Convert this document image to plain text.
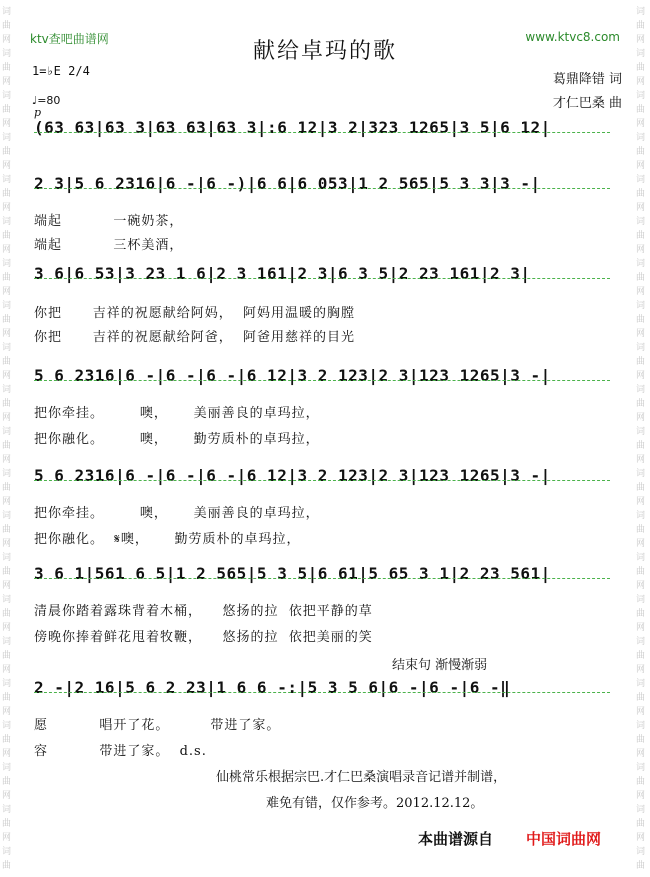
词
曲
网
词
曲
网
词
曲
网
词
曲
网
词
曲
网
词
曲
网
词
曲
网
词
曲
网
词
曲
网
词
曲
网
词
曲
网
词
曲
网
词
曲
网
词
曲
网
词
曲
网
词
曲
网
词
曲
网
词
曲
网
词
曲
网
词
曲
网
词
曲
词
曲
网
词
曲
网
词
曲
网
词
曲
网
词
曲
网
词
曲
网
词
曲
网
词
曲
网
词
曲
网
词
曲
网
词
曲
网
词
曲
网
词
曲
网
词
曲
网
词
曲
网
词
曲
网
词
曲
网
词
曲
网
词
曲
网
词
曲
网
词
曲
ktv查吧曲谱网	www.ktvc8.com
献给卓玛的歌
葛鼎降错 词
才仁巴桑 曲
1=♭E 2/4
♩=80
p
(63 63|63 3|63 63|63 3|:6 12|3 2|323 1265|3 5|6 12|
2 3|5 6 2316|6 -|6 -)|6 6|6 053|1 2 565|5 3 3|3 -|
端起          一碗奶茶，
端起          三杯美酒，
3 6|6 53|3 23 1 6|2 3 161|2 3|6 3 5|2 23 161|2 3|
你把      吉祥的祝愿献给阿妈，  阿妈用温暖的胸膛
你把      吉祥的祝愿献给阿爸，  阿爸用慈祥的目光
5 6 2316|6 -|6 -|6 -|6 12|3 2 123|2 3|123 1265|3 -|
把你牵挂。       噢，     美丽善良的卓玛拉，
把你融化。       噢，     勤劳质朴的卓玛拉，
5 6 2316|6 -|6 -|6 -|6 12|3 2 123|2 3|123 1265|3 -|
把你牵挂。       噢，     美丽善良的卓玛拉，
把你融化。  𝄋噢，     勤劳质朴的卓玛拉，
3 6 1|561 6 5|1 2 565|5 3 5|6 61|5 65 3 1|2 23 561|
清晨你踏着露珠背着木桶，    悠扬的拉  依把平静的草
傍晚你捧着鲜花甩着牧鞭，    悠扬的拉  依把美丽的笑
结束句 渐慢渐弱
2 -|2 16|5 6 2 23|1 6 6 -:|5 3 5 6|6 -|6 -|6 -‖
愿          唱开了花。        带进了家。
容          带进了家。  d.s.
仙桃常乐根据宗巴.才仁巴桑演唱录音记谱并制谱，
难免有错，仅作参考。2012.12.12。
本曲谱源自 中国词曲网
